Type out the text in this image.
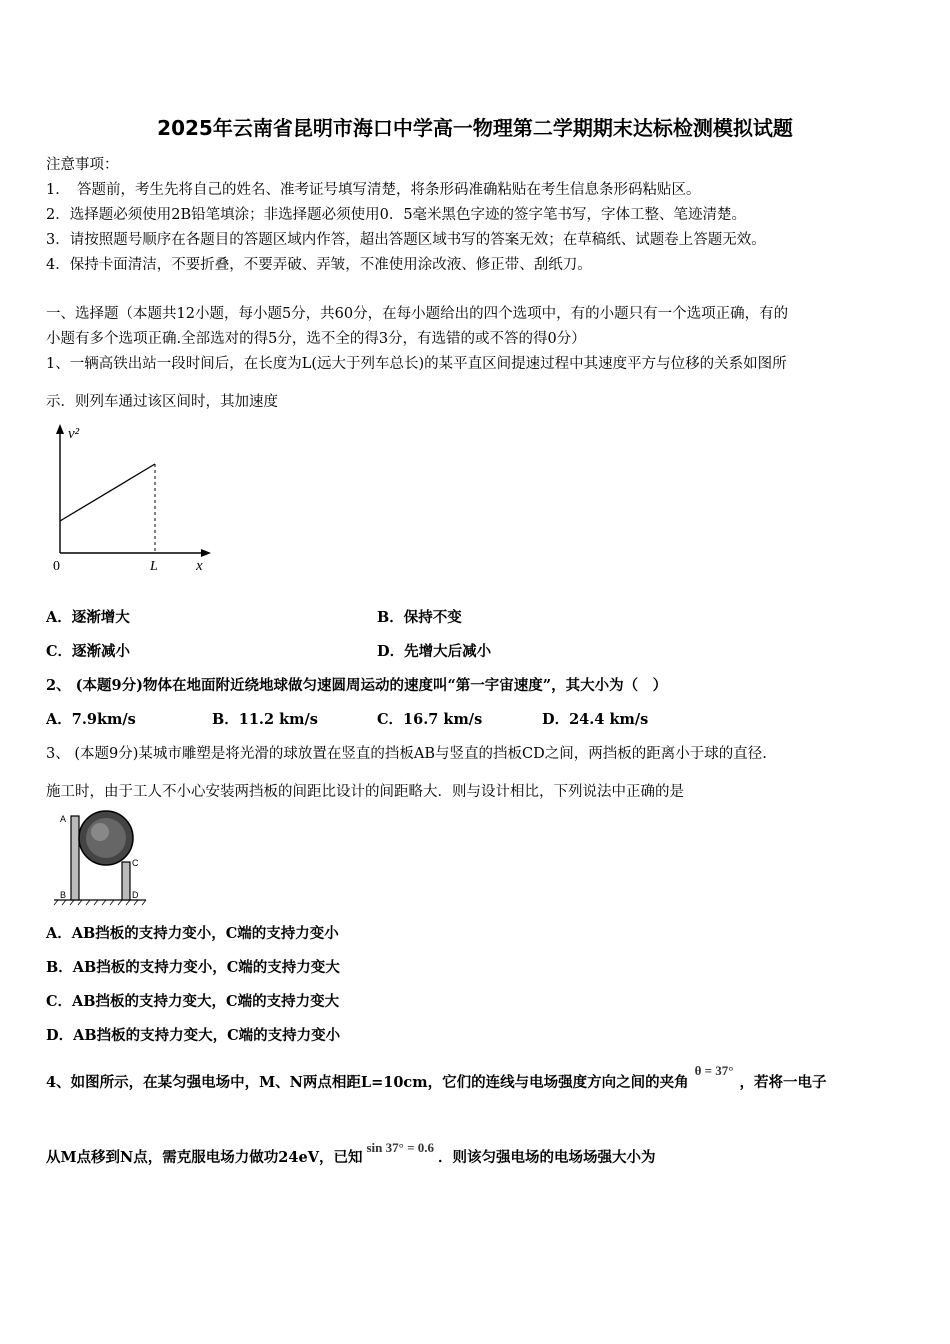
2025年云南省昆明市海口中学高一物理第二学期期末达标检测模拟试题
注意事项：
1．　答题前，考生先将自己的姓名、准考证号填写清楚，将条形码准确粘贴在考生信息条形码粘贴区。
2．选择题必须使用2B铅笔填涂；非选择题必须使用0．5毫米黑色字迹的签字笔书写，字体工整、笔迹清楚。
3．请按照题号顺序在各题目的答题区域内作答，超出答题区域书写的答案无效；在草稿纸、试题卷上答题无效。
4．保持卡面清洁，不要折叠，不要弄破、弄皱，不准使用涂改液、修正带、刮纸刀。
一、选择题（本题共12小题，每小题5分，共60分，在每小题给出的四个选项中，有的小题只有一个选项正确，有的
小题有多个选项正确.全部选对的得5分，选不全的得3分，有选错的或不答的得0分）
1、一辆高铁出站一段时间后，在长度为L(远大于列车总长)的某平直区间提速过程中其速度平方与位移的关系如图所
示．则列车通过该区间时，其加速度
v²
0	L	x
A．逐渐增大	B．保持不变
C．逐渐减小	D．先增大后减小
2、 (本题9分)物体在地面附近绕地球做匀速圆周运动的速度叫“第一宇宙速度”，其大小为（　）
A．7.9km/s	B．11.2 km/s	C．16.7 km/s	D．24.4 km/s
3、 (本题9分)某城市雕塑是将光滑的球放置在竖直的挡板AB与竖直的挡板CD之间，两挡板的距离小于球的直径.
施工时，由于工人不小心安装两挡板的间距比设计的间距略大．则与设计相比，下列说法中正确的是
A
B
C
D
A．AB挡板的支持力变小，C端的支持力变小
B．AB挡板的支持力变小，C端的支持力变大
C．AB挡板的支持力变大，C端的支持力变大
D．AB挡板的支持力变大，C端的支持力变小
4、如图所示，在某匀强电场中，M、N两点相距L=10cm，它们的连线与电场强度方向之间的夹角θ = 37°，若将一电子
从M点移到N点，需克服电场力做功24eV，已知sin 37° = 0.6．则该匀强电场的电场场强大小为
